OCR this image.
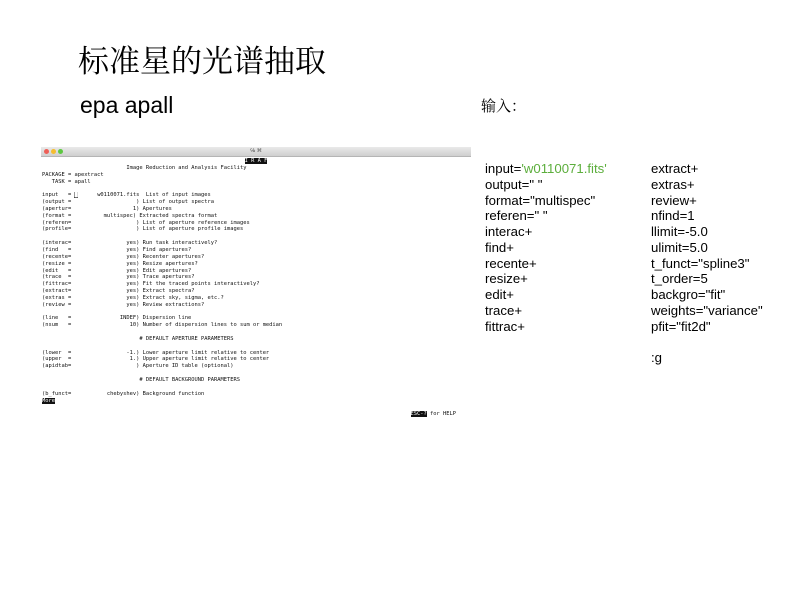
标准星的光谱抽取
epa apall	输入：
℅ ⌘
I R A F
Image Reduction and Analysis Facility
PACKAGE = apextract
TASK = apall

input   = █      w0110071.fits  List of input images
(output =                    ) List of output spectra
(apertur=                   1) Apertures
(format =          multispec) Extracted spectra format
(referen=                    ) List of aperture reference images
(profile=                    ) List of aperture profile images

(interac=                 yes) Run task interactively?
(find   =                 yes) Find apertures?
(recente=                 yes) Recenter apertures?
(resize =                 yes) Resize apertures?
(edit   =                 yes) Edit apertures?
(trace  =                 yes) Trace apertures?
(fittrac=                 yes) Fit the traced points interactively?
(extract=                 yes) Extract spectra?
(extras =                 yes) Extract sky, sigma, etc.?
(review =                 yes) Review extractions?

(line   =               INDEF) Dispersion line
(nsum   =                  10) Number of dispersion lines to sum or median

# DEFAULT APERTURE PARAMETERS

(lower  =                 -1.) Lower aperture limit relative to center
(upper  =                  1.) Upper aperture limit relative to center
(apidtab=                    ) Aperture ID table (optional)

# DEFAULT BACKGROUND PARAMETERS

(b_funct=           chebyshev) Background function
More

ESC-? for HELP
input='w0110071.fits'
output=" "
format="multispec"
referen=" "
interac+
find+
recente+
resize+
edit+
trace+
fittrac+
extract+
extras+
review+
nfind=1
llimit=-5.0
ulimit=5.0
t_funct="spline3"
t_order=5
backgro="fit"
weights="variance"
pfit="fit2d"

:g
